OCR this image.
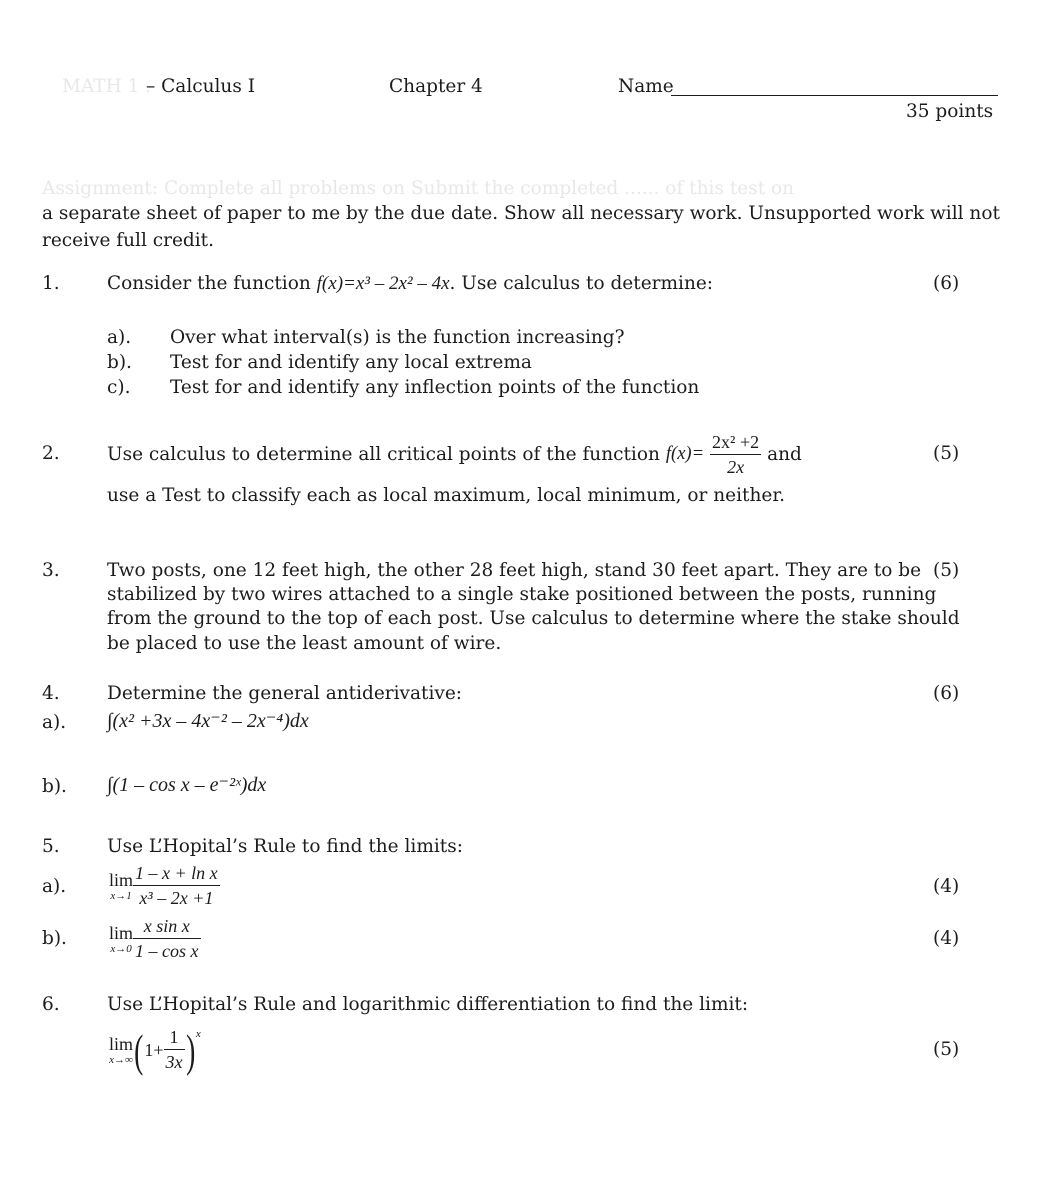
MATH 1 .
– Calculus I	Chapter 4	Name
35 points
Assignment: Complete all problems on Submit the completed ...... of this test on
a separate sheet of paper to me by the due date. Show all necessary work. Unsupported work will not
receive full credit.
1.	Consider the function f(x)=x³ – 2x² – 4x. Use calculus to determine:	(6)
a). Over what interval(s) is the function increasing?
b). Test for and identify any local extrema
c). Test for and identify any inflection points of the function
2.	Use calculus to determine all critical points of the function $f(x)= \frac{\text{2x² +2}}{2x}$ and	(5)
use a Test to classify each as local maximum, local minimum, or neither.
3.	Two posts, one 12 feet high, the other 28 feet high, stand 30 feet apart. They are to be
stabilized by two wires attached to a single stake positioned between the posts, running
from the ground to the top of each post. Use calculus to determine where the stake should
be placed to use the least amount of wire.
(5)
4.	Determine the general antiderivative:	(6)
a). ∫(x² +3x – 4x⁻² – 2x⁻⁴)dx
b). ∫(1 – cos x – e⁻²ˣ)dx
5.	Use L’Hopital’s Rule to find the limits:
a). lim
$x\to 1 \frac{\text{1 – x + ln x}}{\text{x³ – 2x +1}}$	(4)
b). lim
$x\to 0 \frac{\text{x sin x}}{\text{1 – cos x}}$	(4)
6.	Use L’Hopital’s Rule and logarithmic differentiation to find the limit:
lim
x→∞ ( $1+ \frac{1}{3x}$ ) x
(5)
